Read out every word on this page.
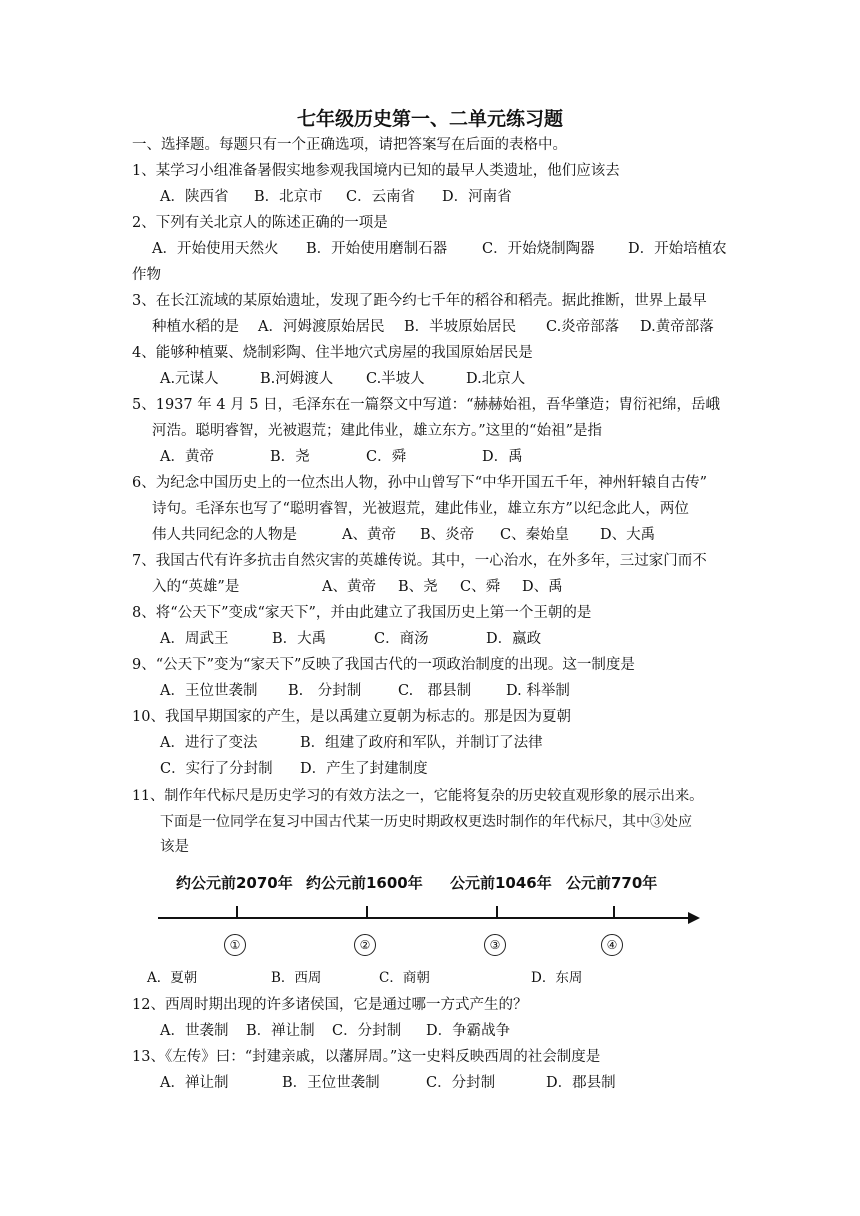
七年级历史第一、二单元练习题
一、选择题。每题只有一个正确选项，请把答案写在后面的表格中。
1、某学习小组准备暑假实地参观我国境内已知的最早人类遗址，他们应该去
A．陕西省 B．北京市 C．云南省 D．河南省
2、下列有关北京人的陈述正确的一项是
A．开始使用天然火 B．开始使用磨制石器 C．开始烧制陶器 D．开始培植农
作物
3、在长江流域的某原始遗址，发现了距今约七千年的稻谷和稻壳。据此推断，世界上最早
种植水稻的是 A．河姆渡原始居民 B．半坡原始居民 C.炎帝部落 D.黄帝部落
4、能够种植粟、烧制彩陶、住半地穴式房屋的我国原始居民是
A.元谋人	B.河姆渡人 C.半坡人	D.北京人
5、1937 年 4 月 5 日，毛泽东在一篇祭文中写道：“赫赫始祖，吾华肇造；胄衍祀绵，岳峨
河浩。聪明睿智，光被遐荒；建此伟业，雄立东方。”这里的“始祖”是指
A．黄帝	B．尧	C．舜	D．禹
6、为纪念中国历史上的一位杰出人物，孙中山曾写下“中华开国五千年，神州轩辕自古传”
诗句。毛泽东也写了“聪明睿智，光被遐荒，建此伟业，雄立东方”以纪念此人，两位
伟人共同纪念的人物是	A、黄帝 B、炎帝 C、秦始皇 D、大禹
7、我国古代有许多抗击自然灾害的英雄传说。其中，一心治水，在外多年，三过家门而不
入的“英雄”是	A、黄帝 B、尧 C、舜 D、禹
8、将“公天下”变成“家天下”，并由此建立了我国历史上第一个王朝的是
A．周武王	B．大禹	C．商汤	D．嬴政
9、“公天下”变为“家天下”反映了我国古代的一项政治制度的出现。这一制度是
A．王位世袭制 B.　分封制	C.　郡县制 D. 科举制
10、我国早期国家的产生，是以禹建立夏朝为标志的。那是因为夏朝
A．进行了变法	B．组建了政府和军队，并制订了法律
C．实行了分封制 D．产生了封建制度
11、制作年代标尺是历史学习的有效方法之一，它能将复杂的历史较直观形象的展示出来。
下面是一位同学在复习中国古代某一历史时期政权更迭时制作的年代标尺，其中③处应
该是
约公元前2070年 约公元前1600年 公元前1046年 公元前770年
①	②	③	④
A．夏朝	B．西周	C．商朝	D．东周
12、西周时期出现的许多诸侯国，它是通过哪一方式产生的？
A．世袭制 B．禅让制 C．分封制 D．争霸战争
13、《左传》曰：“封建亲戚，以藩屏周。”这一史料反映西周的社会制度是
A．禅让制	B．王位世袭制	C．分封制	D．郡县制
